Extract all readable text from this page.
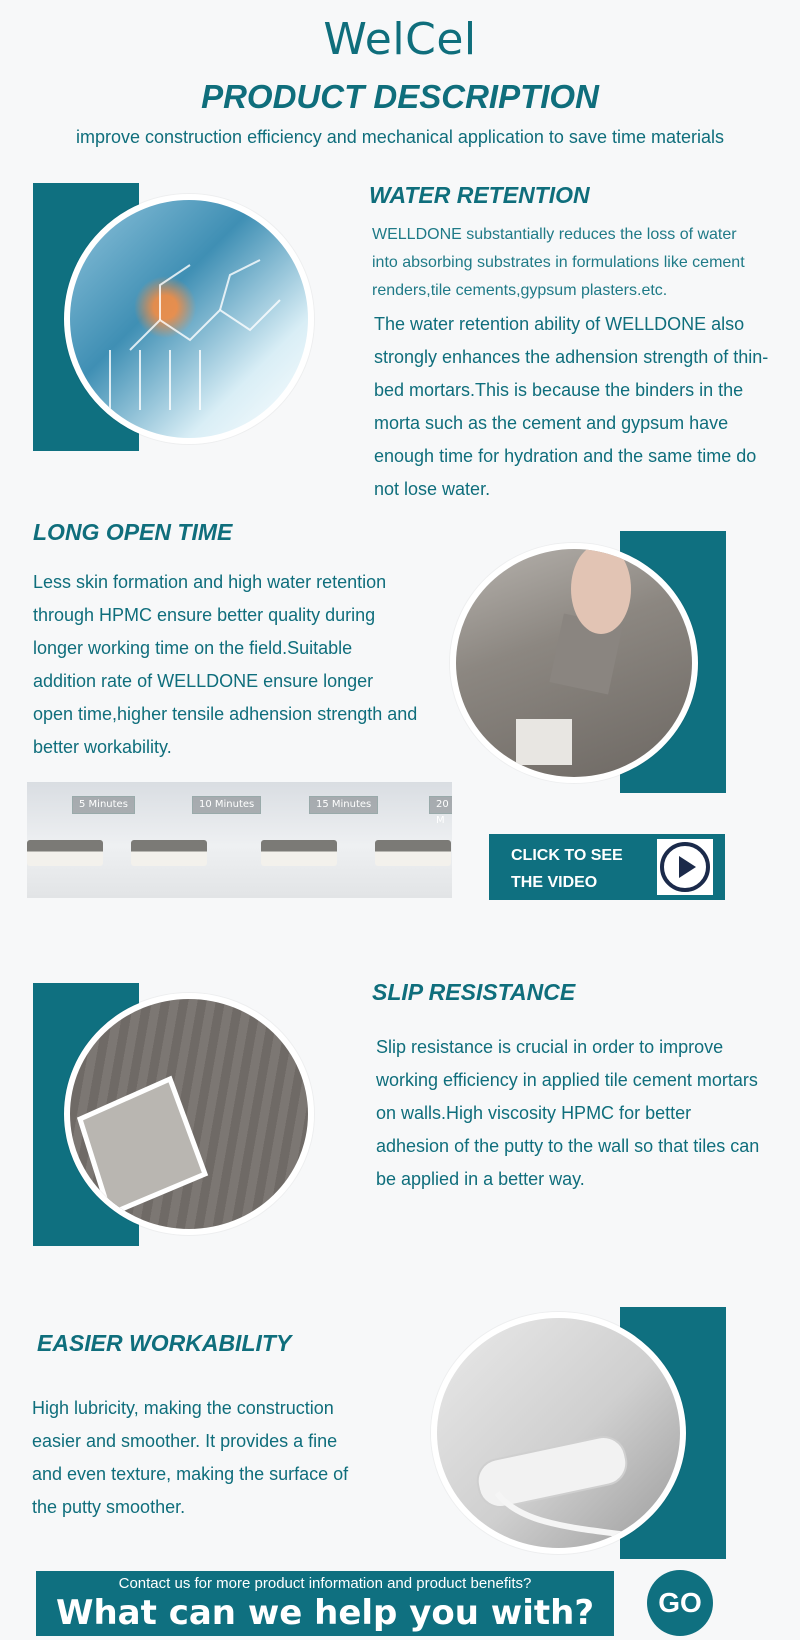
WelCel
PRODUCT DESCRIPTION
improve construction efficiency and mechanical application to save time materials
WATER RETENTION
WELLDONE substantially reduces the loss of water into absorbing substrates in formulations like cement renders,tile cements,gypsum plasters.etc.
The water retention ability of WELLDONE also strongly enhances the adhension strength of thin-bed mortars.This is because the binders in the morta such as the cement and gypsum have enough time for hydration and the same time do not lose water.
LONG OPEN TIME
Less skin formation and high water retention through HPMC ensure better quality during longer working time on the field.Suitable addition rate of WELLDONE ensure longer open time,higher tensile adhension strength and better workability.
5 Minutes	10 Minutes	15 Minutes	20 M
CLICK TO SEE
THE VIDEO
SLIP RESISTANCE
Slip resistance is crucial in order to improve working efficiency in applied tile cement mortars on walls.High viscosity HPMC for better adhesion of the putty to the wall so that tiles can be applied in a better way.
EASIER WORKABILITY
High lubricity, making the construction easier and smoother. It provides a fine and even texture, making the surface of the putty smoother.
Contact us for more product information and product benefits?
What can we help you with?	GO
